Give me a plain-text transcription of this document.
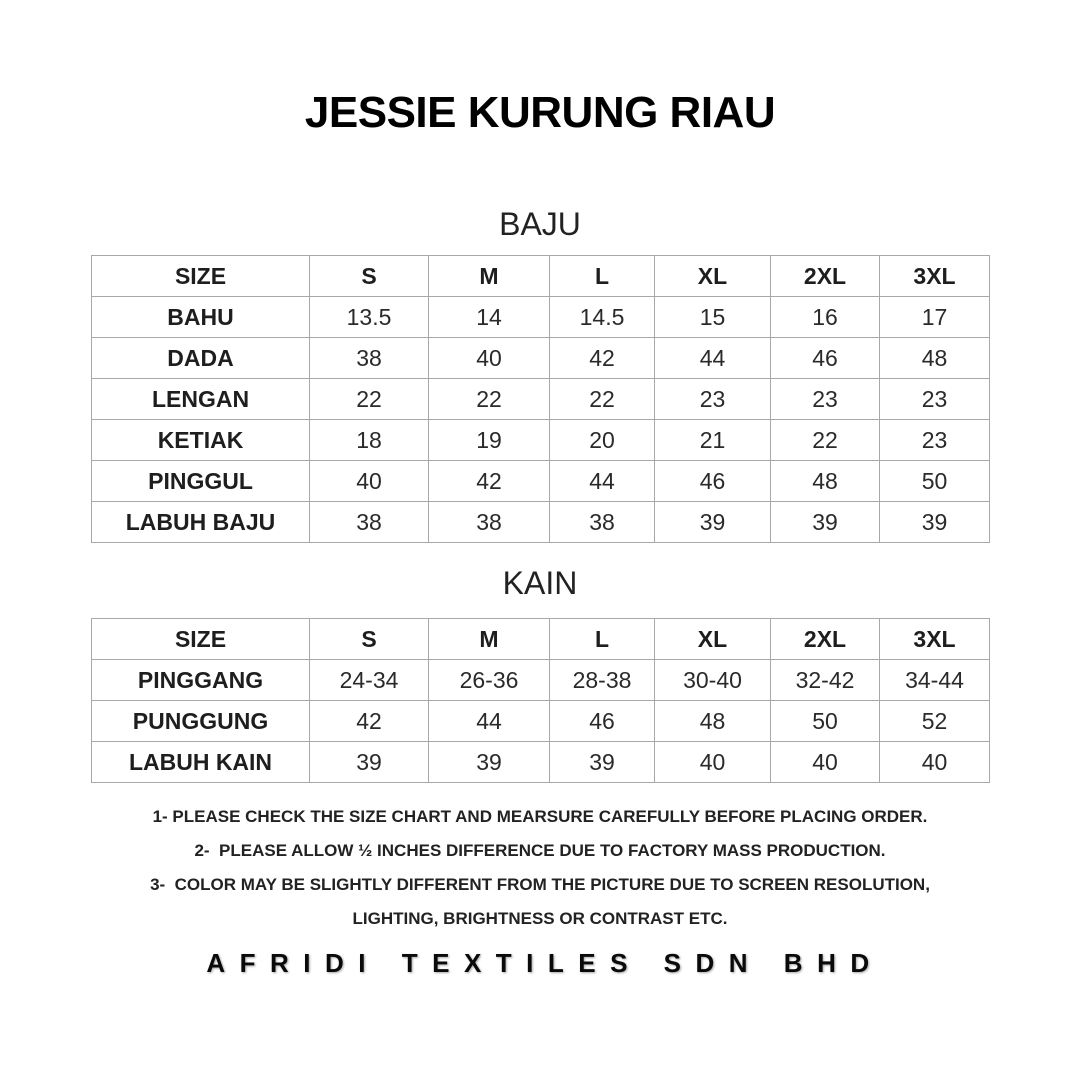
JESSIE KURUNG RIAU
BAJU
SIZE	S	M	L	XL	2XL	3XL
BAHU	13.5	14	14.5	15	16	17
DADA	38	40	42	44	46	48
LENGAN	22	22	22	23	23	23
KETIAK	18	19	20	21	22	23
PINGGUL	40	42	44	46	48	50
LABUH BAJU	38	38	38	39	39	39
KAIN
SIZE	S	M	L	XL	2XL	3XL
PINGGANG	24-34	26-36	28-38	30-40	32-42	34-44
PUNGGUNG	42	44	46	48	50	52
LABUH KAIN	39	39	39	40	40	40
1- PLEASE CHECK THE SIZE CHART AND MEARSURE CAREFULLY BEFORE PLACING ORDER.
2-  PLEASE ALLOW ½ INCHES DIFFERENCE DUE TO FACTORY MASS PRODUCTION.
3-  COLOR MAY BE SLIGHTLY DIFFERENT FROM THE PICTURE DUE TO SCREEN RESOLUTION,
LIGHTING, BRIGHTNESS OR CONTRAST ETC.
AFRIDI TEXTILES SDN BHD
